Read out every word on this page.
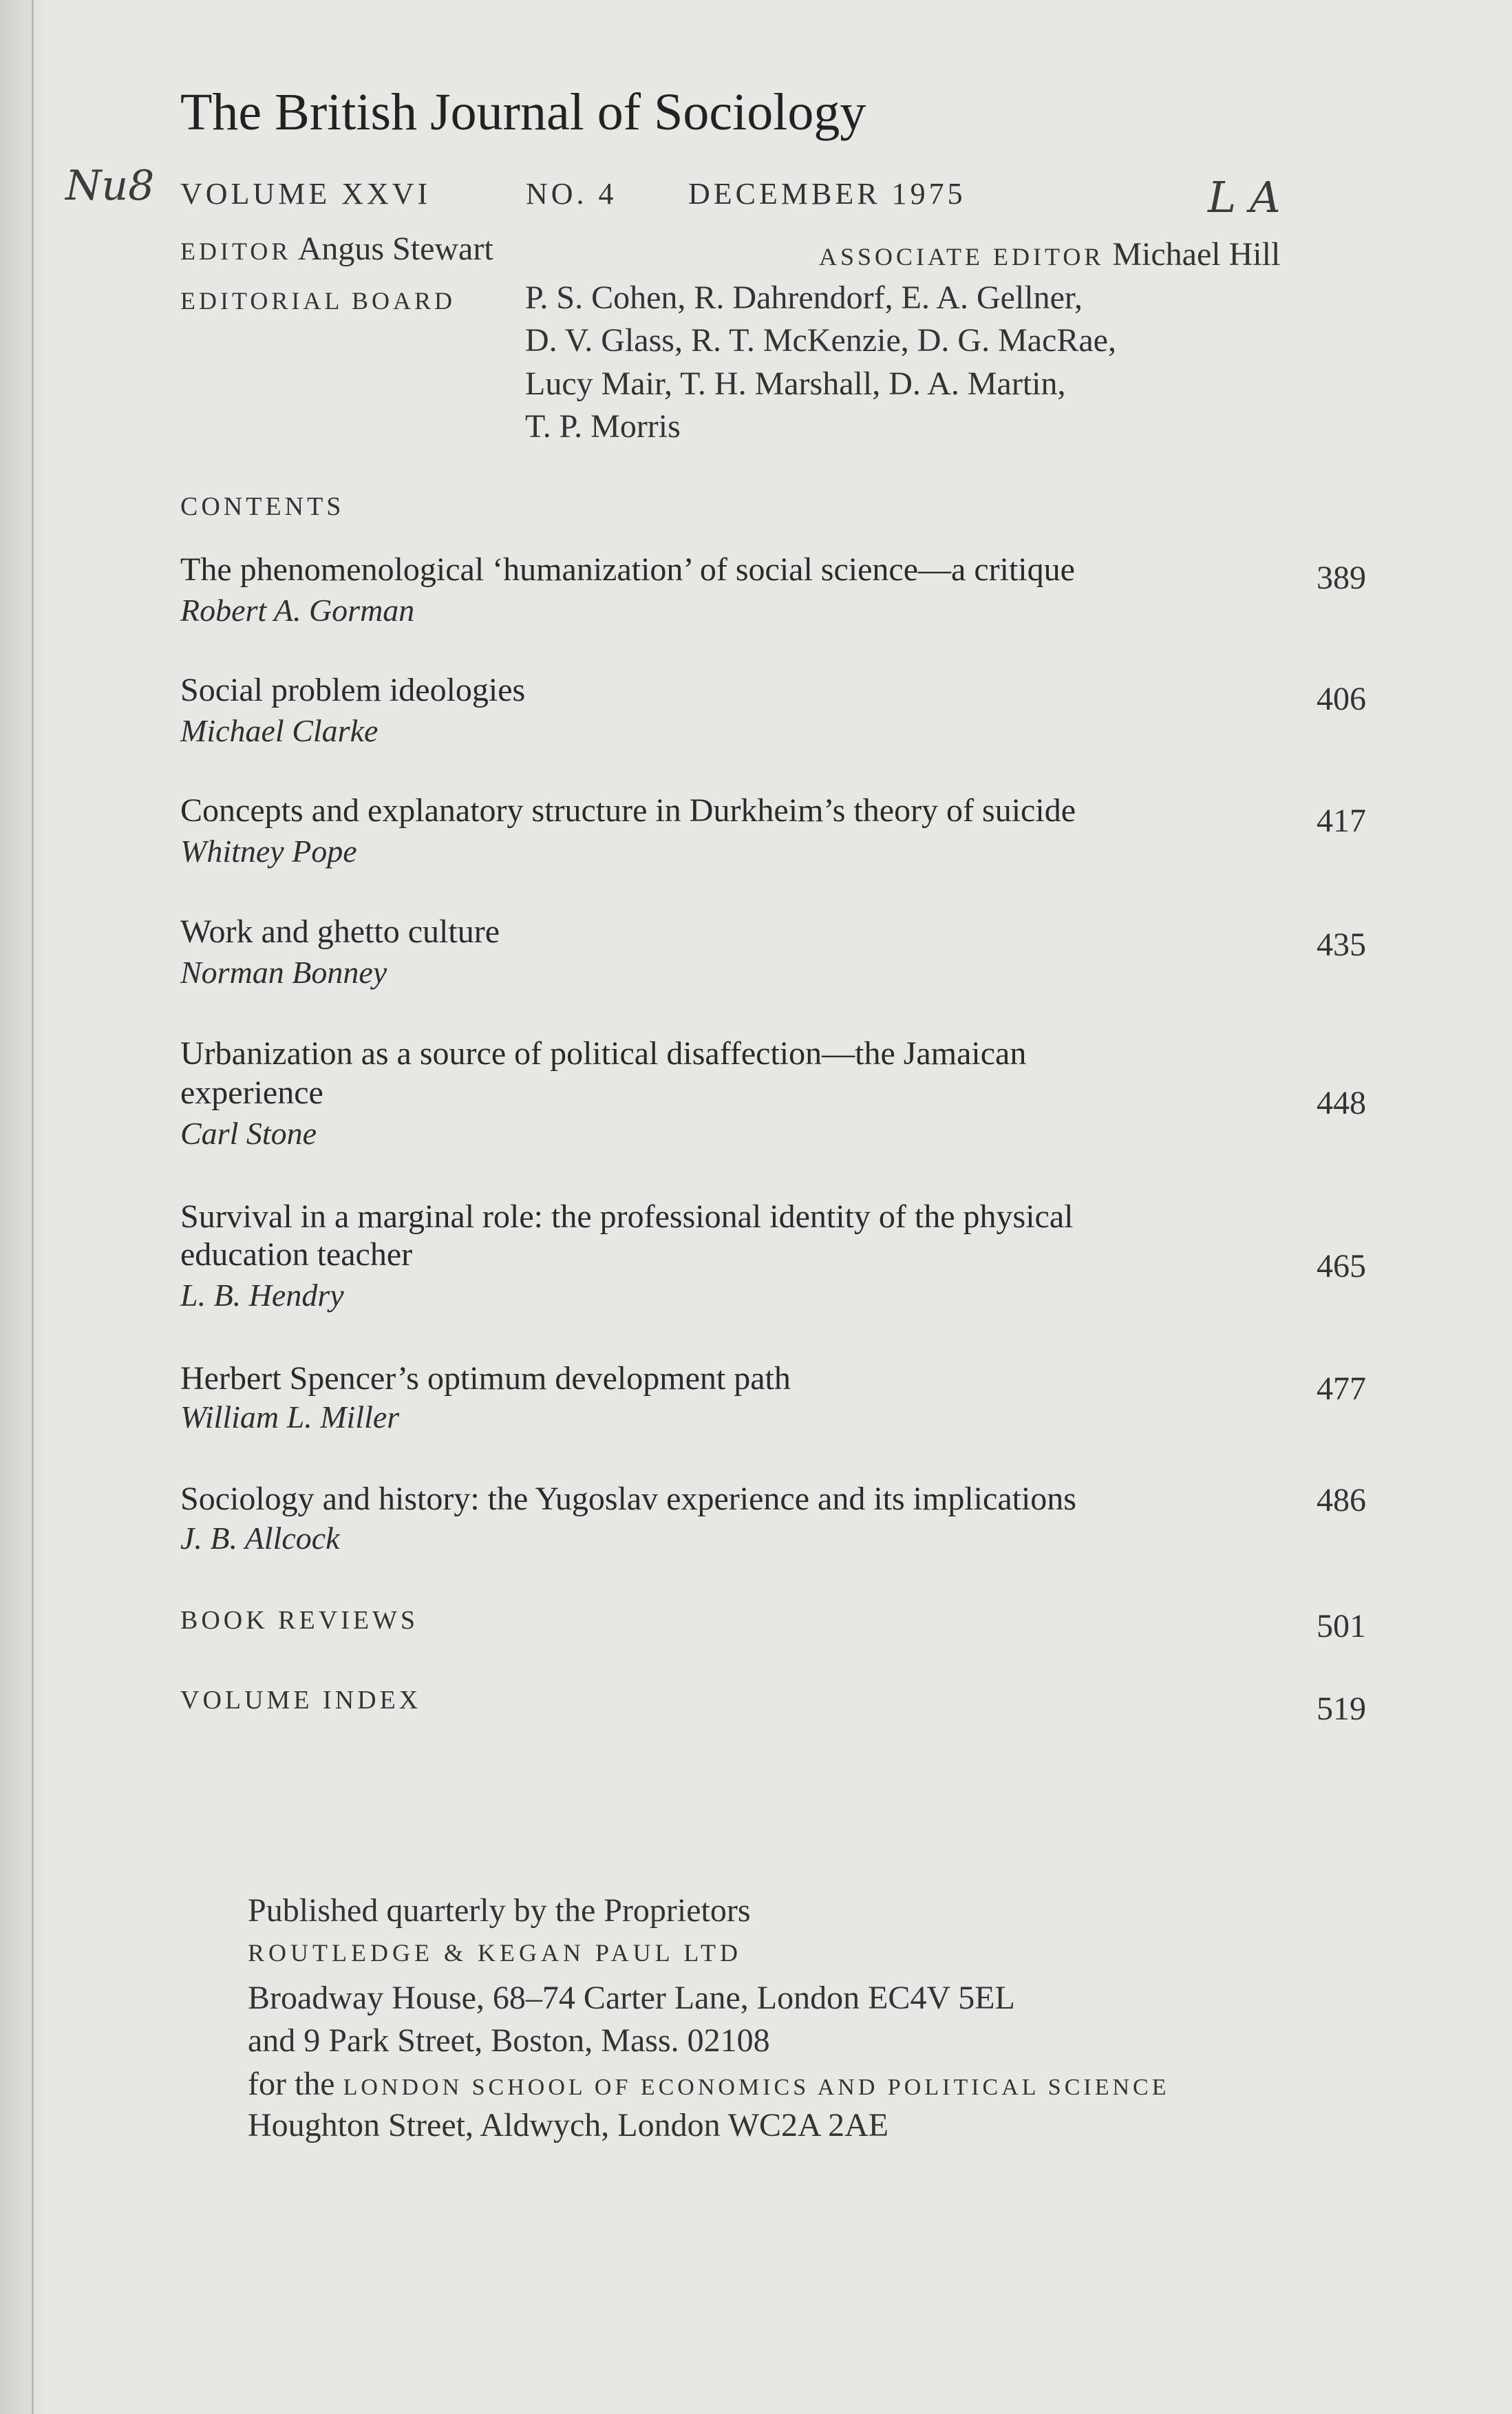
Nu8	L A
The British Journal of Sociology
VOLUME XXVI	NO. 4 DECEMBER 1975
EDITOR Angus Stewart	ASSOCIATE EDITOR Michael Hill
EDITORIAL BOARD P. S. Cohen, R. Dahrendorf, E. A. Gellner,
D. V. Glass, R. T. McKenzie, D. G. MacRae,
Lucy Mair, T. H. Marshall, D. A. Martin,
T. P. Morris
CONTENTS
The phenomenological ‘humanization’ of social science—a critique
Robert A. Gorman
389
Social problem ideologies
Michael Clarke
406
Concepts and explanatory structure in Durkheim’s theory of suicide
Whitney Pope
417
Work and ghetto culture
Norman Bonney
435
Urbanization as a source of political disaffection—the Jamaican
experience
Carl Stone
448
Survival in a marginal role: the professional identity of the physical
education teacher
L. B. Hendry
465
Herbert Spencer’s optimum development path
William L. Miller
477
Sociology and history: the Yugoslav experience and its implications
J. B. Allcock
486
BOOK REVIEWS	501
VOLUME INDEX	519
Published quarterly by the Proprietors
ROUTLEDGE & KEGAN PAUL LTD
Broadway House, 68–74 Carter Lane, London EC4V 5EL
and 9 Park Street, Boston, Mass. 02108
for the LONDON SCHOOL OF ECONOMICS AND POLITICAL SCIENCE
Houghton Street, Aldwych, London WC2A 2AE
